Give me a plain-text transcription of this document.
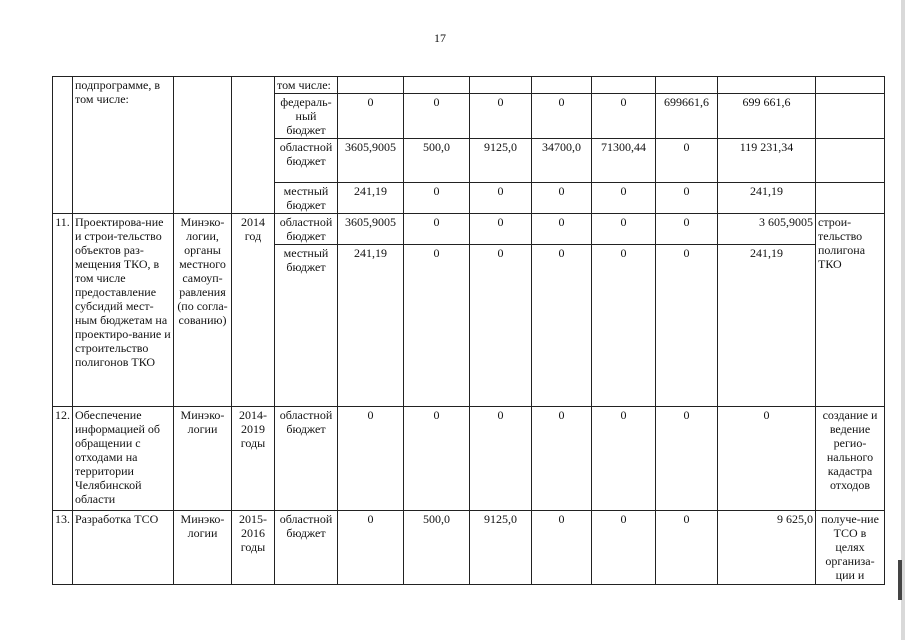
17
	подпрограмме, в том числе:			том числе:								
				федераль-ный бюджет	0	0	0	0	0	699661,6	699 661,6	
				областной бюджет	3605,9005	500,0	9125,0	34700,0	71300,44	0	119 231,34	
				местный бюджет	241,19	0	0	0	0	0	241,19	
11.	Проектирова-ние и строи-тельство объектов раз-мещения ТКО, в том числе предоставление субсидий мест-ным бюджетам на проектиро-вание и строительство полигонов ТКО	Минэко-логии, органы местного самоуп-равления (по согла-сованию)	2014 год	областной бюджет	3605,9005	0	0	0	0	0	3 605,9005	строи-тельство полигона ТКО
				местный бюджет	241,19	0	0	0	0	0	241,19	
12.	Обеспечение информацией об обращении с отходами на территории Челябинской области	Минэко-логии	2014-2019 годы	областной бюджет	0	0	0	0	0	0	0	создание и ведение регио-нального кадастра отходов
13.	Разработка ТСО	Минэко-логии	2015-2016 годы	областной бюджет	0	500,0	9125,0	0	0	0	9 625,0	получе-ние ТСО в целях организа-ции и
